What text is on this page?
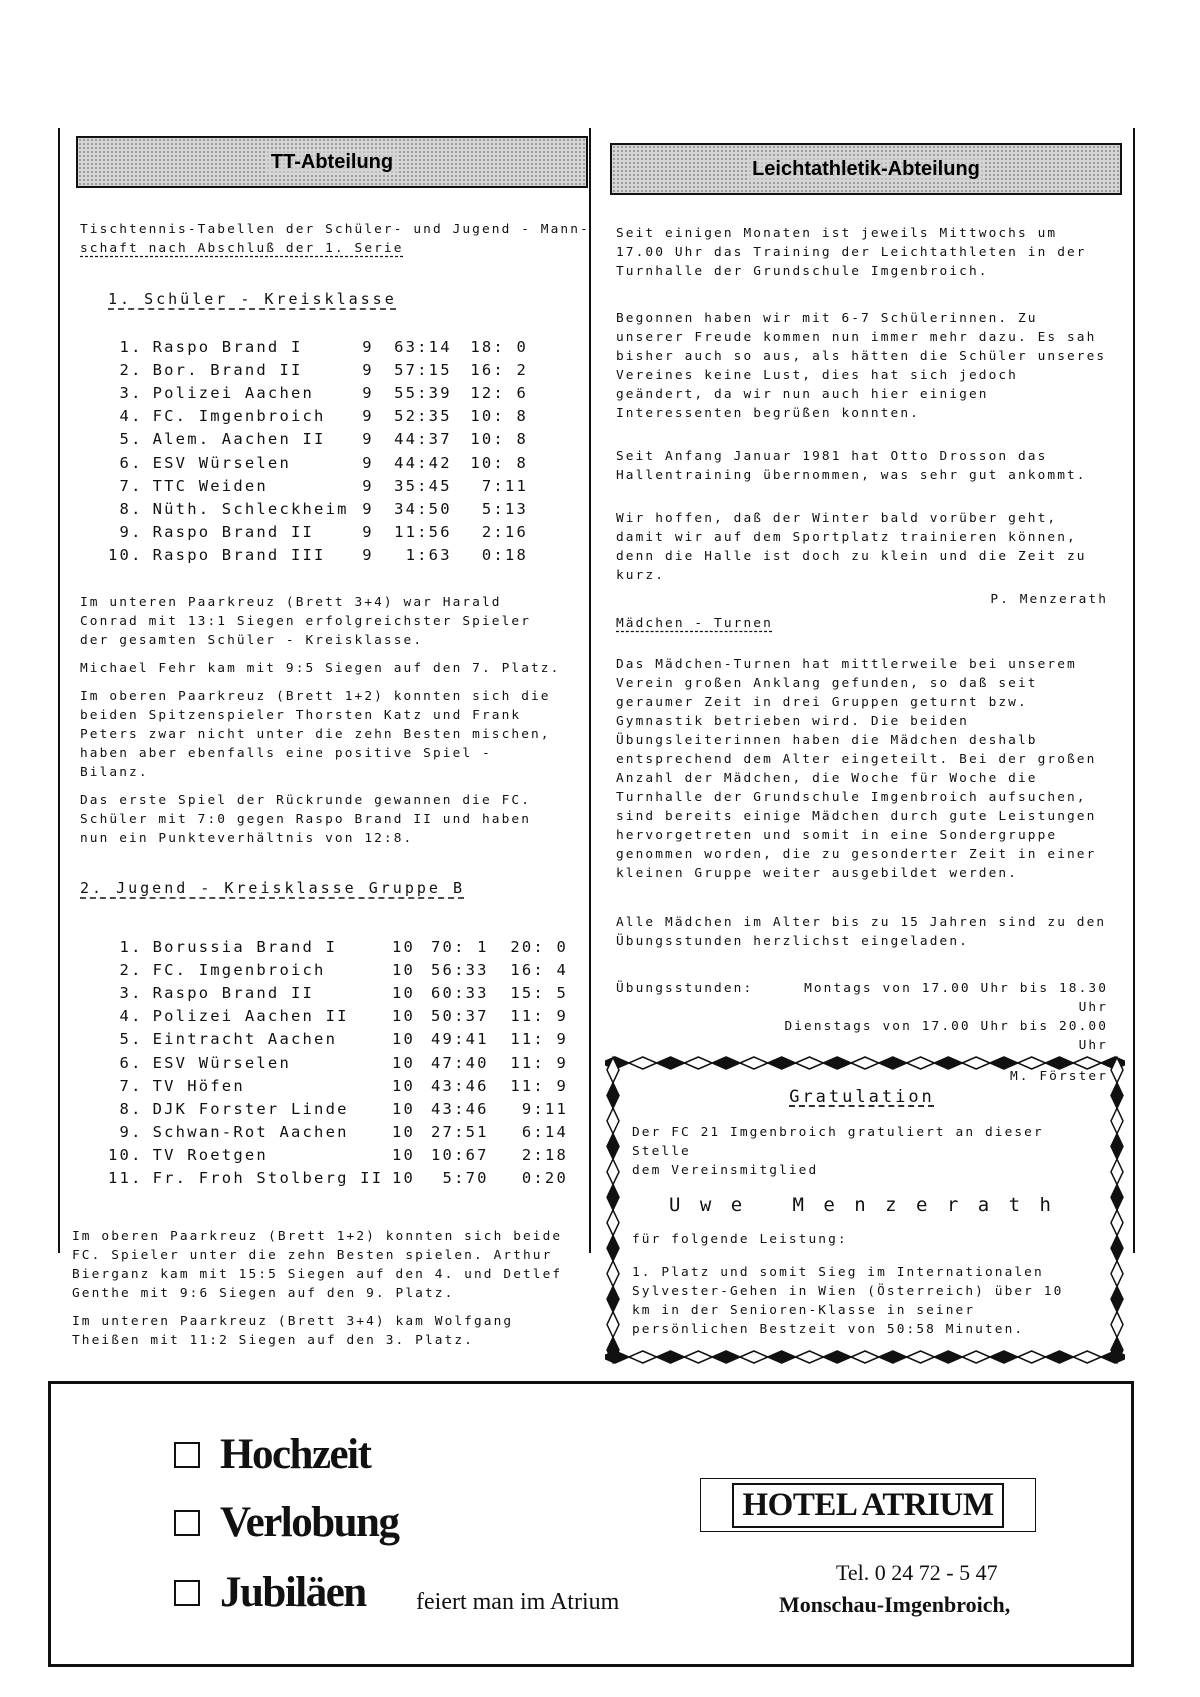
TT-Abteilung
Tischtennis-Tabellen der Schüler- und Jugend - Mann-
schaft nach Abschluß der 1. Serie
1. Schüler - Kreisklasse
1.	Raspo Brand I	9	63:14	18: 0
2.	Bor. Brand II	9	57:15	16: 2
3.	Polizei Aachen	9	55:39	12: 6
4.	FC. Imgenbroich	9	52:35	10: 8
5.	Alem. Aachen II	9	44:37	10: 8
6.	ESV Würselen	9	44:42	10: 8
7.	TTC Weiden	9	35:45	7:11
8.	Nüth. Schleckheim	9	34:50	5:13
9.	Raspo Brand II	9	11:56	2:16
10.	Raspo Brand III	9	1:63	0:18
Im unteren Paarkreuz (Brett 3+4) war Harald Conrad mit 13:1 Siegen erfolgreichster Spieler der gesamten Schüler - Kreisklasse.
Michael Fehr kam mit 9:5 Siegen auf den 7. Platz.
Im oberen Paarkreuz (Brett 1+2) konnten sich die beiden Spitzenspieler Thorsten Katz und Frank Peters zwar nicht unter die zehn Besten mischen, haben aber ebenfalls eine positive Spiel - Bilanz.
Das erste Spiel der Rückrunde gewannen die FC. Schüler mit 7:0 gegen Raspo Brand II und haben nun ein Punkteverhältnis von 12:8.
2. Jugend - Kreisklasse Gruppe B
1.	Borussia Brand I	10	70: 1	20: 0
2.	FC. Imgenbroich	10	56:33	16: 4
3.	Raspo Brand II	10	60:33	15: 5
4.	Polizei Aachen II	10	50:37	11: 9
5.	Eintracht Aachen	10	49:41	11: 9
6.	ESV Würselen	10	47:40	11: 9
7.	TV Höfen	10	43:46	11: 9
8.	DJK Forster Linde	10	43:46	9:11
9.	Schwan-Rot Aachen	10	27:51	6:14
10.	TV Roetgen	10	10:67	2:18
11.	Fr. Froh Stolberg II	10	5:70	0:20
Im oberen Paarkreuz (Brett 1+2) konnten sich beide FC. Spieler unter die zehn Besten spielen. Arthur Bierganz kam mit 15:5 Siegen auf den 4. und Detlef Genthe mit 9:6 Siegen auf den 9. Platz.
Im unteren Paarkreuz (Brett 3+4) kam Wolfgang Theißen mit 11:2 Siegen auf den 3. Platz.
Leichtathletik-Abteilung
Seit einigen Monaten ist jeweils Mittwochs um 17.00 Uhr das Training der Leichtathleten in der Turnhalle der Grundschule Imgenbroich.
Begonnen haben wir mit 6-7 Schülerinnen. Zu unserer Freude kommen nun immer mehr dazu. Es sah bisher auch so aus, als hätten die Schüler unseres Vereines keine Lust, dies hat sich jedoch geändert, da wir nun auch hier einigen Interessenten begrüßen konnten.
Seit Anfang Januar 1981 hat Otto Drosson das Hallentraining übernommen, was sehr gut ankommt.
Wir hoffen, daß der Winter bald vorüber geht, damit wir auf dem Sportplatz trainieren können, denn die Halle ist doch zu klein und die Zeit zu kurz.
P. Menzerath
Mädchen - Turnen
Das Mädchen-Turnen hat mittlerweile bei unserem Verein großen Anklang gefunden, so daß seit geraumer Zeit in drei Gruppen geturnt bzw. Gymnastik betrieben wird. Die beiden Übungsleiterinnen haben die Mädchen deshalb entsprechend dem Alter eingeteilt. Bei der großen Anzahl der Mädchen, die Woche für Woche die Turnhalle der Grundschule Imgenbroich aufsuchen, sind bereits einige Mädchen durch gute Leistungen hervorgetreten und somit in eine Sondergruppe genommen worden, die zu gesonderter Zeit in einer kleinen Gruppe weiter ausgebildet werden.
Alle Mädchen im Alter bis zu 15 Jahren sind zu den Übungsstunden herzlichst eingeladen.
Übungsstunden:	Montags von 17.00 Uhr bis 18.30 Uhr
Dienstags von 17.00 Uhr bis 20.00 Uhr
M. Förster
Gratulation
Der FC 21 Imgenbroich gratuliert an dieser Stelle
dem Vereinsmitglied
U w e   M e n z e r a t h
für folgende Leistung:
1. Platz und somit Sieg im Internationalen Sylvester-Gehen in Wien (Österreich) über 10 km in der Senioren-Klasse in seiner persönlichen Bestzeit von 50:58 Minuten.
Hochzeit
Verlobung
Jubiläen feiert man im Atrium
HOTEL ATRIUM
Tel. 0 24 72 - 5 47
Monschau-Imgenbroich,
